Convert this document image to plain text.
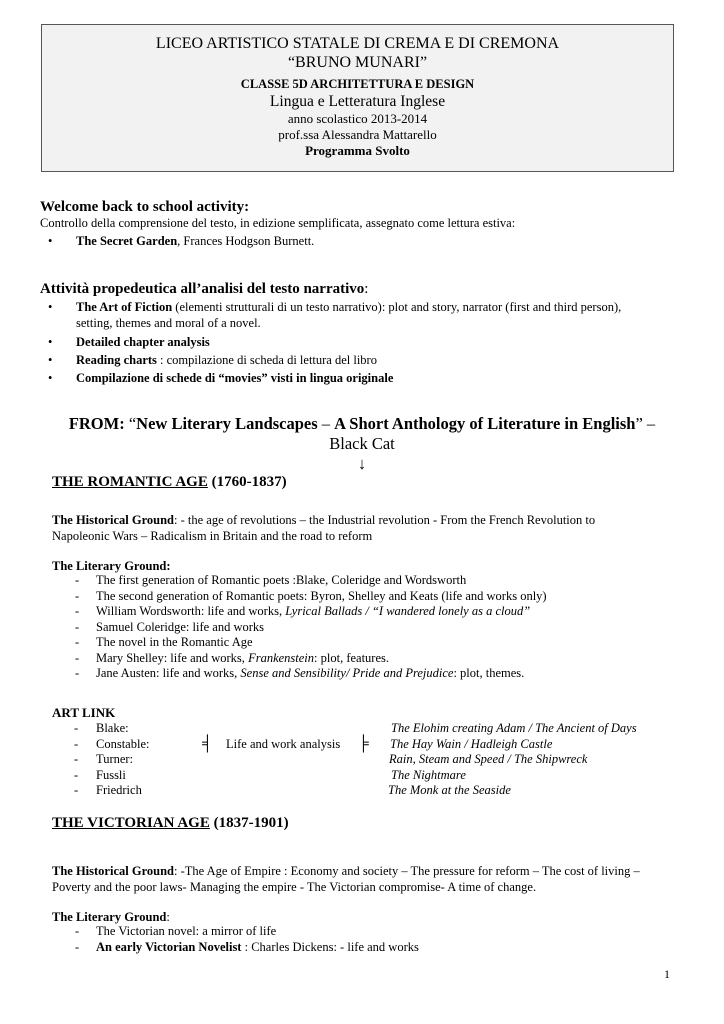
LICEO ARTISTICO STATALE DI CREMA E DI CREMONA
“BRUNO MUNARI”
CLASSE 5D ARCHITETTURA E DESIGN
Lingua e Letteratura Inglese
anno scolastico 2013-2014
prof.ssa Alessandra Mattarello
Programma Svolto
Welcome back to school activity:
Controllo della comprensione del testo, in edizione semplificata, assegnato come lettura estiva:
• The Secret Garden, Frances Hodgson Burnett.
Attività propedeutica all’analisi del testo narrativo:
• The Art of Fiction (elementi strutturali di un testo narrativo): plot and story, narrator (first and third person),
setting, themes and moral of a novel.
• Detailed chapter analysis
• Reading charts : compilazione di scheda di lettura del libro
• Compilazione di schede di “movies” visti in lingua originale
FROM: “New Literary Landscapes – A Short Anthology of Literature in English” –
Black Cat
↓
THE ROMANTIC AGE (1760-1837)
The Historical Ground: - the age of revolutions – the Industrial revolution - From the French Revolution to
Napoleonic Wars – Radicalism in Britain and the road to reform
The Literary Ground:
- The first generation of Romantic poets :Blake, Coleridge and Wordsworth
- The second generation of Romantic poets: Byron, Shelley and Keats (life and works only)
- William Wordsworth: life and works, Lyrical Ballads / “I wandered lonely as a cloud”
- Samuel Coleridge: life and works
- The novel in the Romantic Age
- Mary Shelley: life and works, Frankenstein: plot, features.
- Jane Austen: life and works, Sense and Sensibility/ Pride and Prejudice: plot, themes.
ART LINK
- Blake:	The Elohim creating Adam / The Ancient of Days
- Constable:	╡ Life and work analysis ╞ The Hay Wain / Hadleigh Castle
- Turner:	Rain, Steam and Speed / The Shipwreck
- Fussli	The Nightmare
- Friedrich	The Monk at the Seaside
THE VICTORIAN AGE (1837-1901)
The Historical Ground: -The Age of Empire : Economy and society – The pressure for reform – The cost of living –
Poverty and the poor laws- Managing the empire - The Victorian compromise- A time of change.
The Literary Ground:
- The Victorian novel: a mirror of life
- An early Victorian Novelist : Charles Dickens: - life and works
1
